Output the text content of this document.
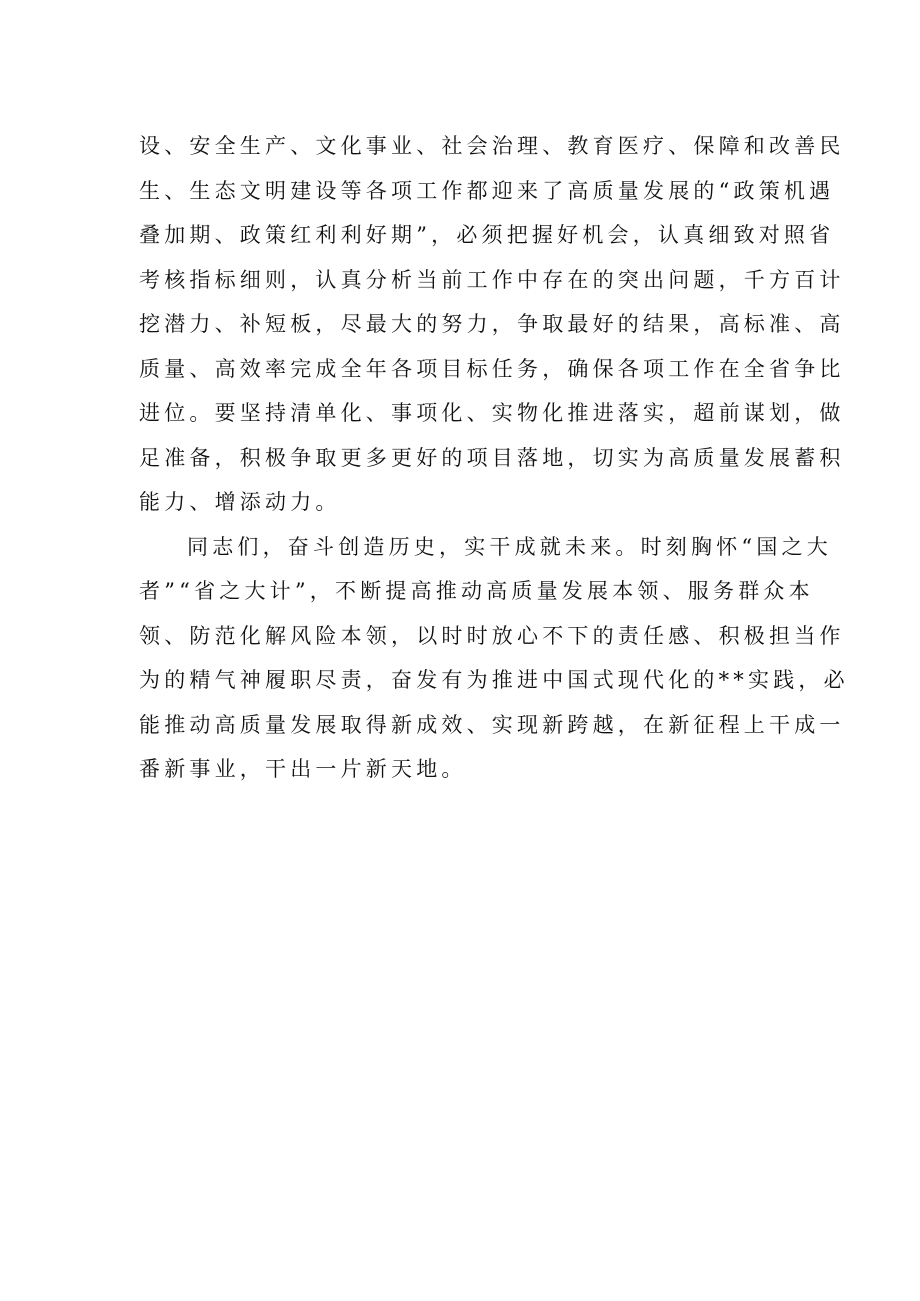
设、安全生产、文化事业、社会治理、教育医疗、保障和改善民
生、生态文明建设等各项工作都迎来了高质量发展的“政策机遇
叠加期、政策红利利好期”，必须把握好机会，认真细致对照省
考核指标细则，认真分析当前工作中存在的突出问题，千方百计
挖潜力、补短板，尽最大的努力，争取最好的结果，高标准、高
质量、高效率完成全年各项目标任务，确保各项工作在全省争比
进位。要坚持清单化、事项化、实物化推进落实，超前谋划，做
足准备，积极争取更多更好的项目落地，切实为高质量发展蓄积
能力、增添动力。
同志们，奋斗创造历史，实干成就未来。时刻胸怀“国之大
者”“省之大计”，不断提高推动高质量发展本领、服务群众本
领、防范化解风险本领，以时时放心不下的责任感、积极担当作
为的精气神履职尽责，奋发有为推进中国式现代化的**实践，必
能推动高质量发展取得新成效、实现新跨越，在新征程上干成一
番新事业，干出一片新天地。
